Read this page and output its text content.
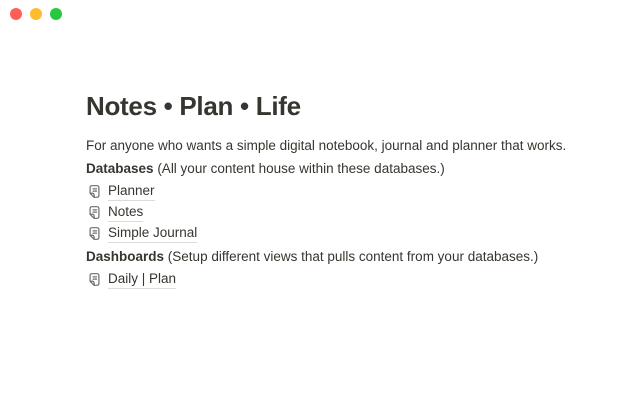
Notes • Plan • Life

For anyone who wants a simple digital notebook, journal and planner that works.

Databases (All your content house within these databases.)

Planner
Notes
Simple Journal

Dashboards (Setup different views that pulls content from your databases.)

Daily | Plan
